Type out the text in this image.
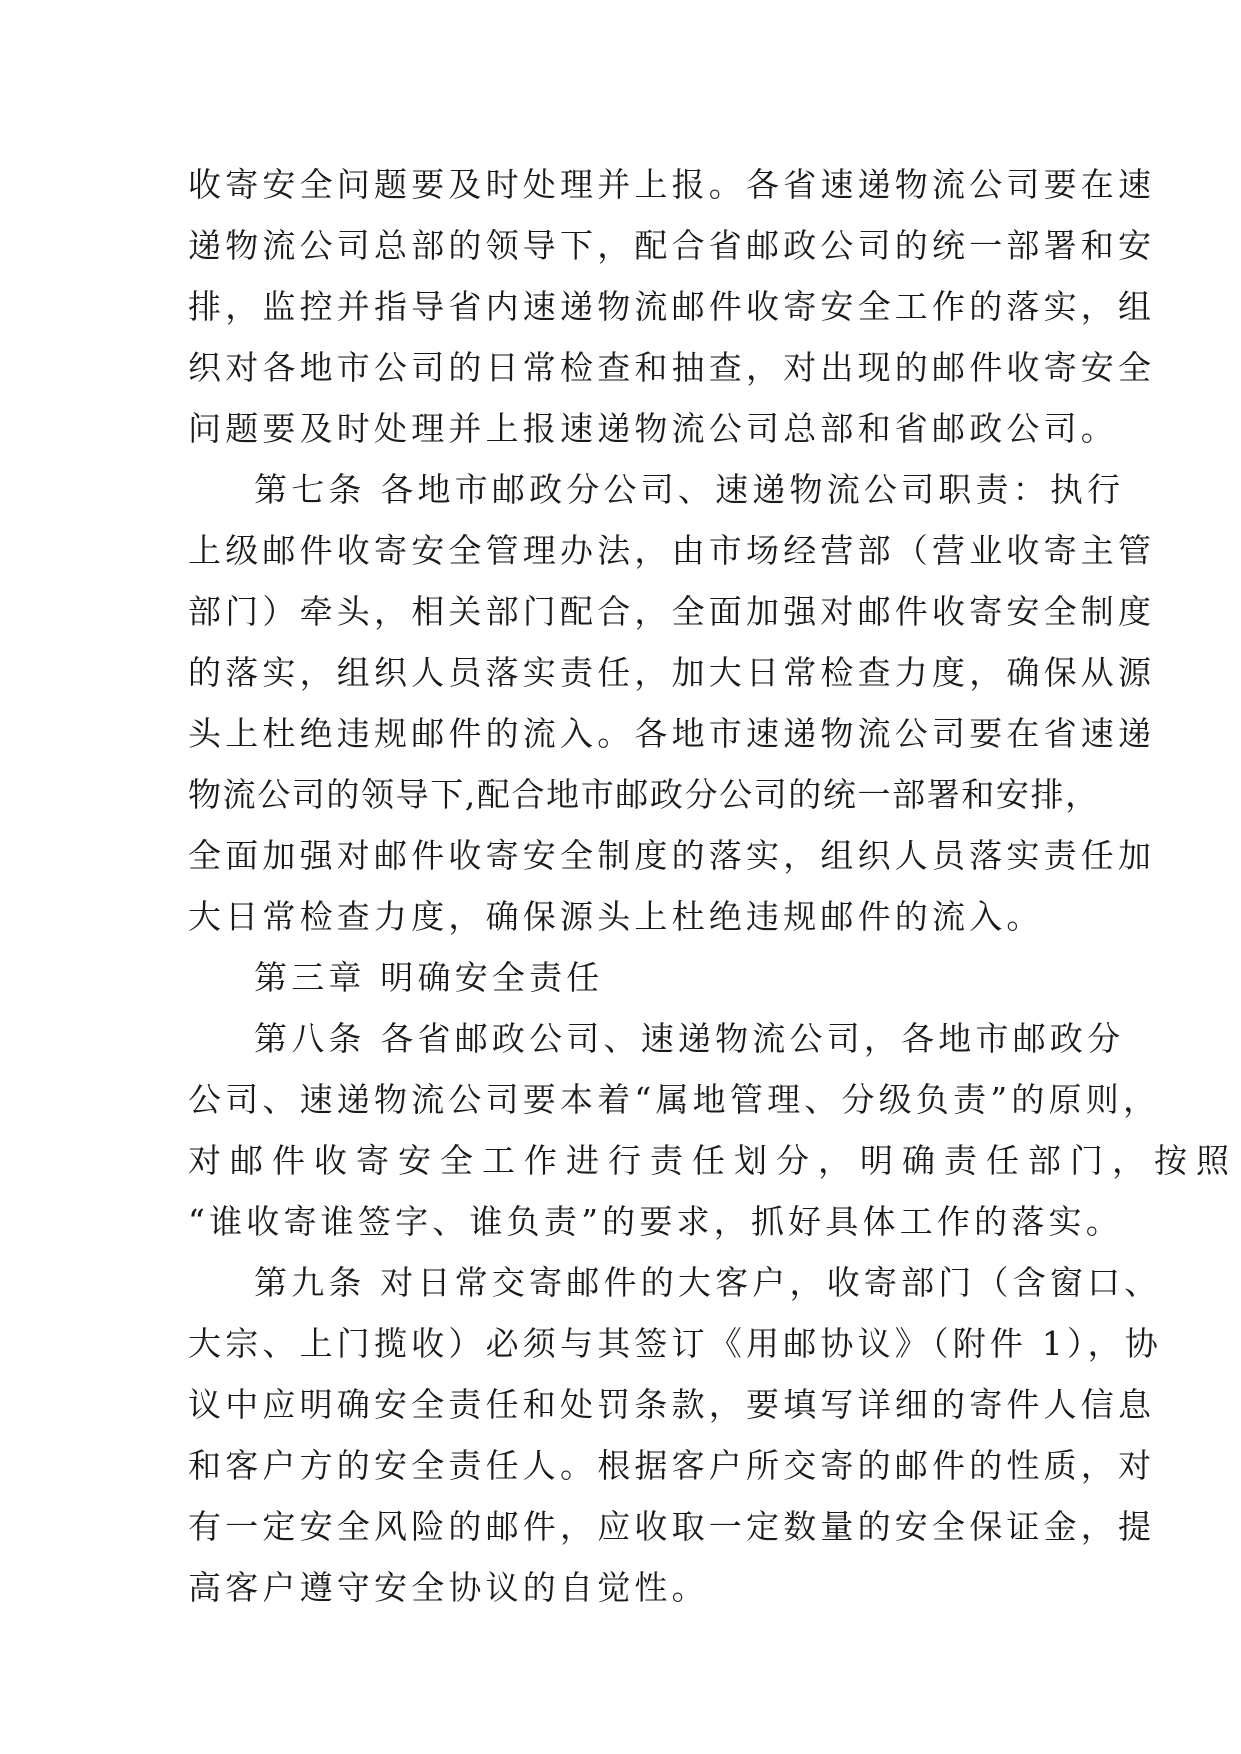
收寄安全问题要及时处理并上报。各省速递物流公司要在速
递物流公司总部的领导下，配合省邮政公司的统一部署和安
排，监控并指导省内速递物流邮件收寄安全工作的落实，组
织对各地市公司的日常检查和抽查，对出现的邮件收寄安全
问题要及时处理并上报速递物流公司总部和省邮政公司。
第七条 各地市邮政分公司、速递物流公司职责：执行
上级邮件收寄安全管理办法，由市场经营部（营业收寄主管
部门）牵头，相关部门配合，全面加强对邮件收寄安全制度
的落实，组织人员落实责任，加大日常检查力度，确保从源
头上杜绝违规邮件的流入。各地市速递物流公司要在省速递
物流公司的领导下,配合地市邮政分公司的统一部署和安排，
全面加强对邮件收寄安全制度的落实，组织人员落实责任加
大日常检查力度，确保源头上杜绝违规邮件的流入。
第三章 明确安全责任
第八条 各省邮政公司、速递物流公司，各地市邮政分
公司、速递物流公司要本着“属地管理、分级负责”的原则，
对邮件收寄安全工作进行责任划分，明确责任部门，按照
“谁收寄谁签字、谁负责”的要求，抓好具体工作的落实。
第九条 对日常交寄邮件的大客户，收寄部门（含窗口、
大宗、上门揽收）必须与其签订《用邮协议》（附件 1），协
议中应明确安全责任和处罚条款，要填写详细的寄件人信息
和客户方的安全责任人。根据客户所交寄的邮件的性质，对
有一定安全风险的邮件，应收取一定数量的安全保证金，提
高客户遵守安全协议的自觉性。
